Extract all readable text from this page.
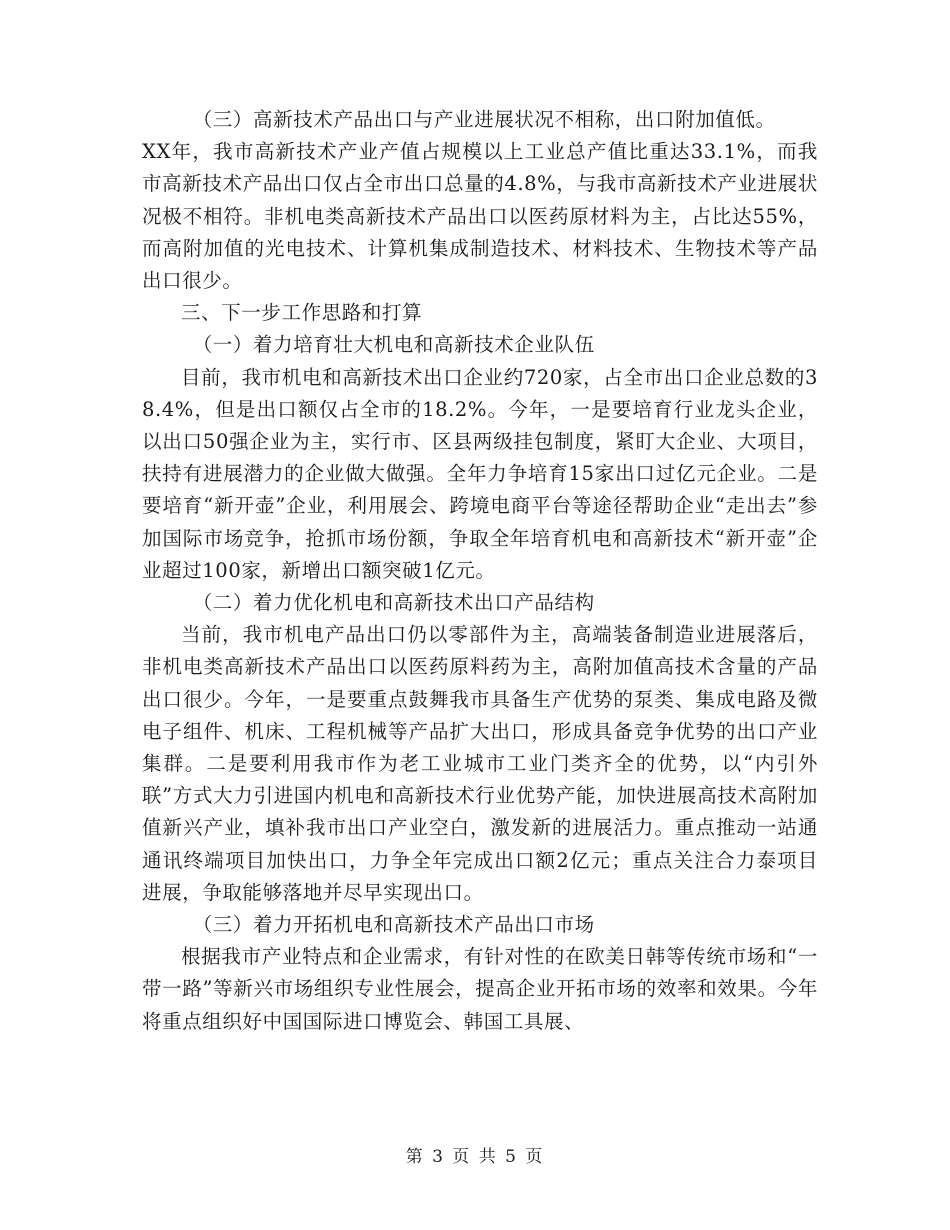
（三）高新技术产品出口与产业进展状况不相称，出口附加值低。

XX年，我市高新技术产业产值占规模以上工业总产值比重达33.1%，而我市高新技术产品出口仅占全市出口总量的4.8%，与我市高新技术产业进展状况极不相符。非机电类高新技术产品出口以医药原材料为主，占比达55%，而高附加值的光电技术、计算机集成制造技术、材料技术、生物技术等产品出口很少。

三、下一步工作思路和打算

（一）着力培育壮大机电和高新技术企业队伍

目前，我市机电和高新技术出口企业约720家，占全市出口企业总数的38.4%，但是出口额仅占全市的18.2%。今年，一是要培育行业龙头企业，以出口50强企业为主，实行市、区县两级挂包制度，紧盯大企业、大项目，扶持有进展潜力的企业做大做强。全年力争培育15家出口过亿元企业。二是要培育“新开壶”企业，利用展会、跨境电商平台等途径帮助企业“走出去”参加国际市场竞争，抢抓市场份额，争取全年培育机电和高新技术“新开壶”企业超过100家，新增出口额突破1亿元。

（二）着力优化机电和高新技术出口产品结构

当前，我市机电产品出口仍以零部件为主，高端装备制造业进展落后，非机电类高新技术产品出口以医药原料药为主，高附加值高技术含量的产品出口很少。今年，一是要重点鼓舞我市具备生产优势的泵类、集成电路及微电子组件、机床、工程机械等产品扩大出口，形成具备竞争优势的出口产业集群。二是要利用我市作为老工业城市工业门类齐全的优势，以“内引外联”方式大力引进国内机电和高新技术行业优势产能，加快进展高技术高附加值新兴产业，填补我市出口产业空白，激发新的进展活力。重点推动一站通通讯终端项目加快出口，力争全年完成出口额2亿元；重点关注合力泰项目进展，争取能够落地并尽早实现出口。

（三）着力开拓机电和高新技术产品出口市场

根据我市产业特点和企业需求，有针对性的在欧美日韩等传统市场和“一带一路”等新兴市场组织专业性展会，提高企业开拓市场的效率和效果。今年将重点组织好中国国际进口博览会、韩国工具展、

第 3 页 共 5 页
